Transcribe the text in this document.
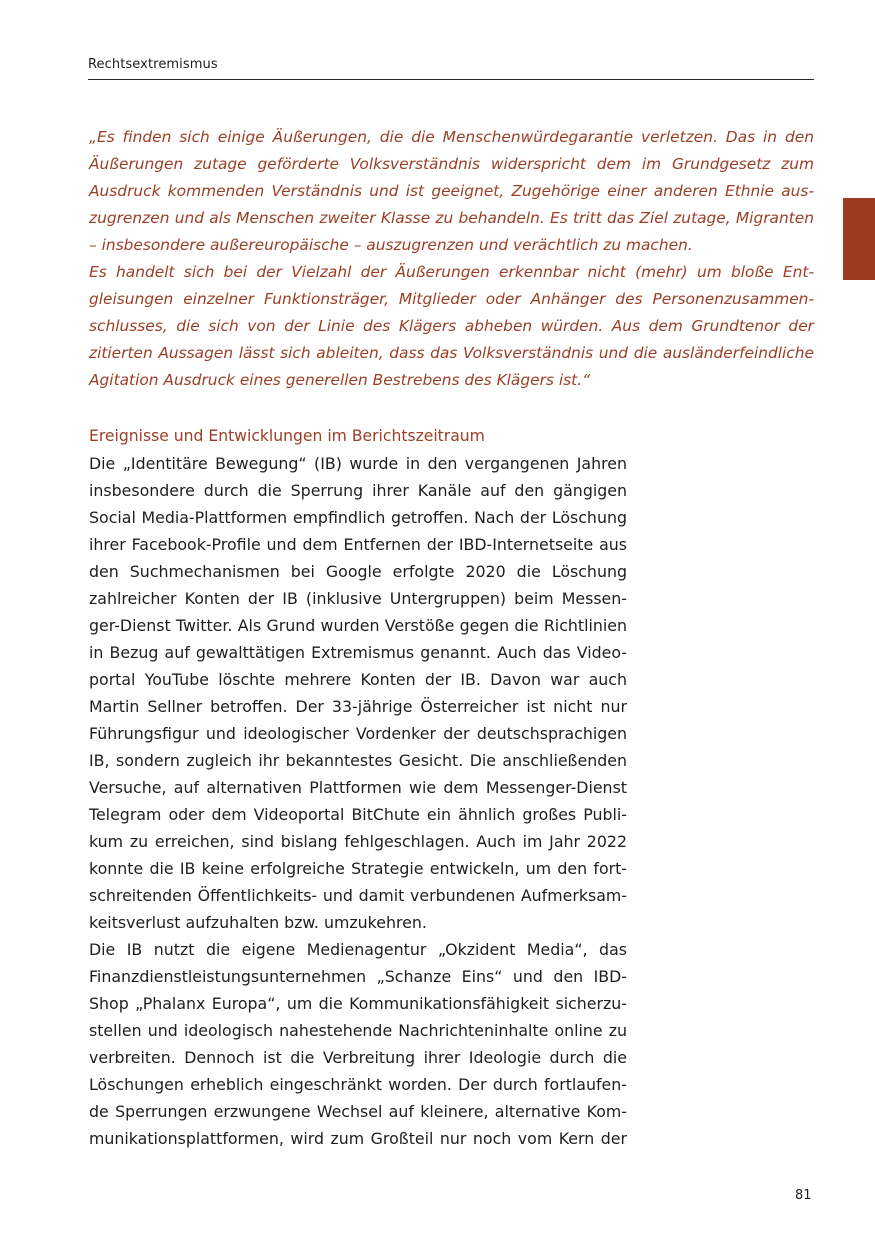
Rechtsextremismus

„Es finden sich einige Äußerungen, die die Menschenwürdegarantie verletzen. Das in den Äußerungen zutage geförderte Volksverständnis widerspricht dem im Grundgesetz zum Ausdruck kommenden Verständnis und ist geeignet, Zugehörige einer anderen Ethnie auszugrenzen und als Menschen zweiter Klasse zu behandeln. Es tritt das Ziel zutage, Migranten – insbesondere außereuropäische – auszugrenzen und verächtlich zu machen.

Es handelt sich bei der Vielzahl der Äußerungen erkennbar nicht (mehr) um bloße Entgleisungen einzelner Funktionsträger, Mitglieder oder Anhänger des Personenzusammenschlusses, die sich von der Linie des Klägers abheben würden. Aus dem Grundtenor der zitierten Aussagen lässt sich ableiten, dass das Volksverständnis und die ausländerfeindliche Agitation Ausdruck eines generellen Bestrebens des Klägers ist.“

Ereignisse und Entwicklungen im Berichtszeitraum

Die „Identitäre Bewegung“ (IB) wurde in den vergangenen Jahren
insbesondere durch die Sperrung ihrer Kanäle auf den gängigen
Social Media-Plattformen empfindlich getroffen. Nach der Löschung
ihrer Facebook-Profile und dem Entfernen der IBD-Internetseite aus
den Suchmechanismen bei Google erfolgte 2020 die Löschung
zahlreicher Konten der IB (inklusive Untergruppen) beim Messen-
ger-Dienst Twitter. Als Grund wurden Verstöße gegen die Richtlinien
in Bezug auf gewalttätigen Extremismus genannt. Auch das Video-
portal YouTube löschte mehrere Konten der IB. Davon war auch
Martin Sellner betroffen. Der 33-jährige Österreicher ist nicht nur
Führungsfigur und ideologischer Vordenker der deutschsprachigen
IB, sondern zugleich ihr bekanntestes Gesicht. Die anschließenden
Versuche, auf alternativen Plattformen wie dem Messenger-Dienst
Telegram oder dem Videoportal BitChute ein ähnlich großes Publi-
kum zu erreichen, sind bislang fehlgeschlagen. Auch im Jahr 2022
konnte die IB keine erfolgreiche Strategie entwickeln, um den fort-
schreitenden Öffentlichkeits- und damit verbundenen Aufmerksam-
keitsverlust aufzuhalten bzw. umzukehren.

Die IB nutzt die eigene Medienagentur „Okzident Media“, das
Finanzdienstleistungsunternehmen „Schanze Eins“ und den IBD-
Shop „Phalanx Europa“, um die Kommunikationsfähigkeit sicherzu-
stellen und ideologisch nahestehende Nachrichteninhalte online zu
verbreiten. Dennoch ist die Verbreitung ihrer Ideologie durch die
Löschungen erheblich eingeschränkt worden. Der durch fortlaufen-
de Sperrungen erzwungene Wechsel auf kleinere, alternative Kom-
munikationsplattformen, wird zum Großteil nur noch vom Kern der

81
